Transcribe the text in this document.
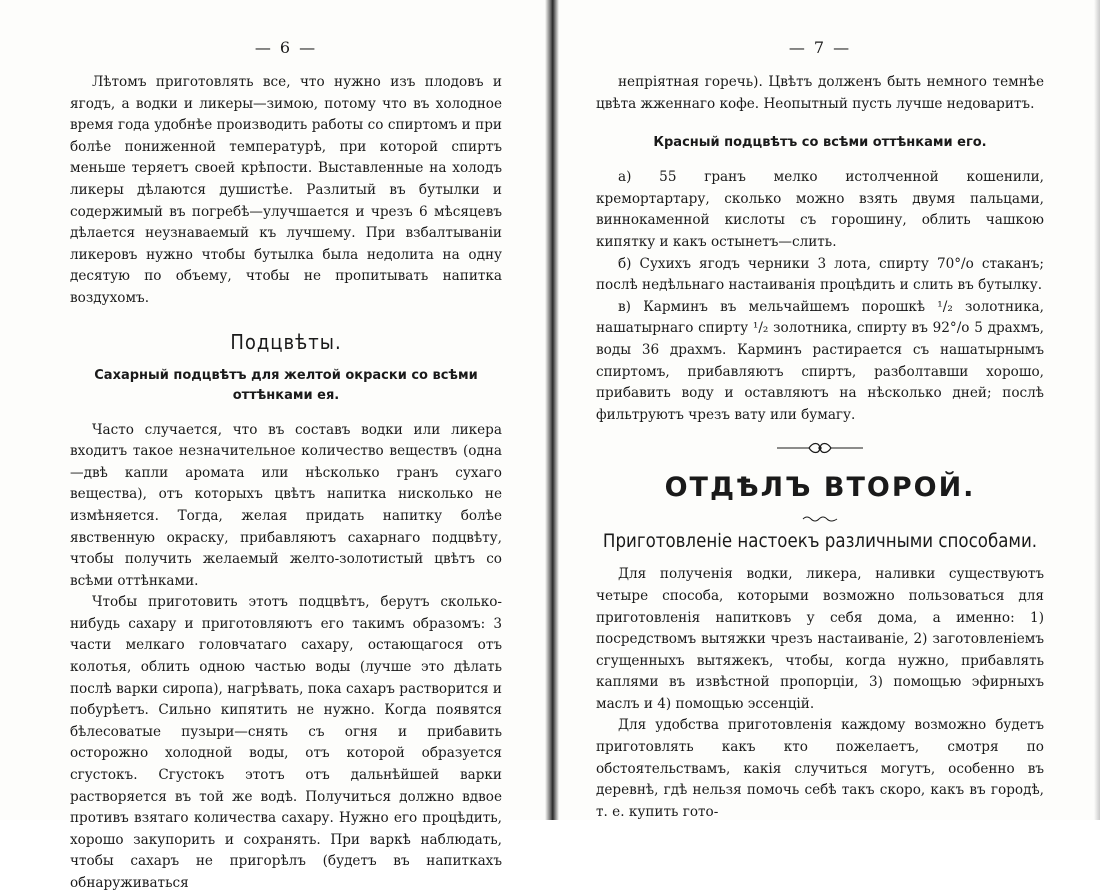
— 6 —

Лѣтомъ приготовлять все, что нужно изъ плодовъ и ягодъ, а водки и ликеры—зимою, потому что въ холодное время года удобнѣе производить работы со спиртомъ и при болѣе пониженной температурѣ, при которой спиртъ меньше теряетъ своей крѣпости. Выставленные на холодъ ликеры дѣлаются душистѣе. Разлитый въ бутылки и содержимый въ погребѣ—улучшается и чрезъ 6 мѣсяцевъ дѣлается неузнаваемый къ лучшему. При взбалтываніи ликеровъ нужно чтобы бутылка была недолита на одну десятую по объему, чтобы не пропитывать напитка воздухомъ.

Подцвѣты.
Сахарный подцвѣтъ для желтой окраски со всѣми оттѣнками ея.

Часто случается, что въ составъ водки или ликера входитъ такое незначительное количество веществъ (одна—двѣ капли аромата или нѣсколько гранъ сухаго вещества), отъ которыхъ цвѣтъ напитка нисколько не измѣняется. Тогда, желая придать напитку болѣе явственную окраску, прибавляютъ сахарнаго подцвѣту, чтобы получить желаемый желто-золотистый цвѣтъ со всѣми оттѣнками.

Чтобы приготовить этотъ подцвѣтъ, берутъ сколько-нибудь сахару и приготовляютъ его такимъ образомъ: 3 части мелкаго головчатаго сахару, остающагося отъ колотья, облить одною частью воды (лучше это дѣлать послѣ варки сиропа), нагрѣвать, пока сахаръ растворится и побурѣетъ. Сильно кипятить не нужно. Когда появятся бѣлесоватые пузыри—снять съ огня и прибавить осторожно холодной воды, отъ которой образуется сгустокъ. Сгустокъ этотъ отъ дальнѣйшей варки растворяется въ той же водѣ. Получиться должно вдвое противъ взятаго количества сахару. Нужно его процѣдить, хорошо закупорить и сохранять. При варкѣ наблюдать, чтобы сахаръ не пригорѣлъ (будетъ въ напиткахъ обнаруживаться

— 7 —

непріятная горечь). Цвѣтъ долженъ быть немного темнѣе цвѣта жженнаго кофе. Неопытный пусть лучше недоваритъ.

Красный подцвѣтъ со всѣми оттѣнками его.

а) 55 гранъ мелко истолченной кошенили, кремортартару, сколько можно взять двумя пальцами, виннокаменной кислоты съ горошину, облить чашкою кипятку и какъ остынетъ—слить.

б) Сухихъ ягодъ черники 3 лота, спирту 70°/о стаканъ; послѣ недѣльнаго настаиванія процѣдить и слить въ бутылку.

в) Карминъ въ мельчайшемъ порошкѣ ¹/₂ золотника, нашатырнаго спирту ¹/₂ золотника, спирту въ 92°/о 5 драхмъ, воды 36 драхмъ. Карминъ растирается съ нашатырнымъ спиртомъ, прибавляютъ спиртъ, разболтавши хорошо, прибавить воду и оставляютъ на нѣсколько дней; послѣ фильтруютъ чрезъ вату или бумагу.

ОТДѢЛЪ ВТОРОЙ.
Приготовленіе настоекъ различными способами.

Для полученія водки, ликера, наливки существуютъ четыре способа, которыми возможно пользоваться для приготовленія напитковъ у себя дома, а именно: 1) посредствомъ вытяжки чрезъ настаиваніе, 2) заготовленіемъ сгущенныхъ вытяжекъ, чтобы, когда нужно, прибавлять каплями въ извѣстной пропорціи, 3) помощью эфирныхъ маслъ и 4) помощью эссенцій.

Для удобства приготовленія каждому возможно будетъ приготовлять какъ кто пожелаетъ, смотря по обстоятельствамъ, какія случиться могутъ, особенно въ деревнѣ, гдѣ нельзя помочь себѣ такъ скоро, какъ въ городѣ, т. е. купить гото-
